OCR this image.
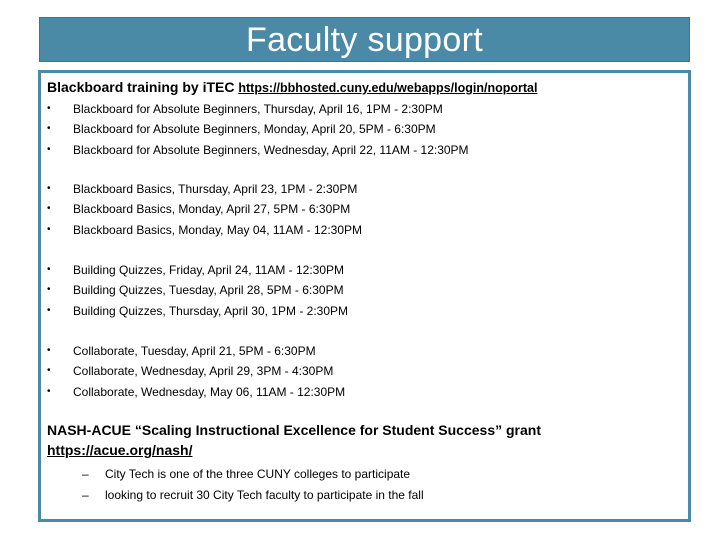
Faculty support
Blackboard training by iTEC https://bbhosted.cuny.edu/webapps/login/noportal
•	Blackboard for Absolute Beginners, Thursday, April 16, 1PM - 2:30PM
•	Blackboard for Absolute Beginners, Monday, April 20, 5PM - 6:30PM
•	Blackboard for Absolute Beginners, Wednesday, April 22, 11AM - 12:30PM
•	Blackboard Basics, Thursday, April 23, 1PM - 2:30PM
•	Blackboard Basics, Monday, April 27, 5PM - 6:30PM
•	Blackboard Basics, Monday, May 04, 11AM - 12:30PM
•	Building Quizzes, Friday, April 24, 11AM - 12:30PM
•	Building Quizzes, Tuesday, April 28, 5PM - 6:30PM
•	Building Quizzes, Thursday, April 30, 1PM - 2:30PM
•	Collaborate, Tuesday, April 21, 5PM - 6:30PM
•	Collaborate, Wednesday, April 29, 3PM - 4:30PM
•	Collaborate, Wednesday, May 06, 11AM - 12:30PM
NASH-ACUE “Scaling Instructional Excellence for Student Success” grant
https://acue.org/nash/
– City Tech is one of the three CUNY colleges to participate
– looking to recruit 30 City Tech faculty to participate in the fall
